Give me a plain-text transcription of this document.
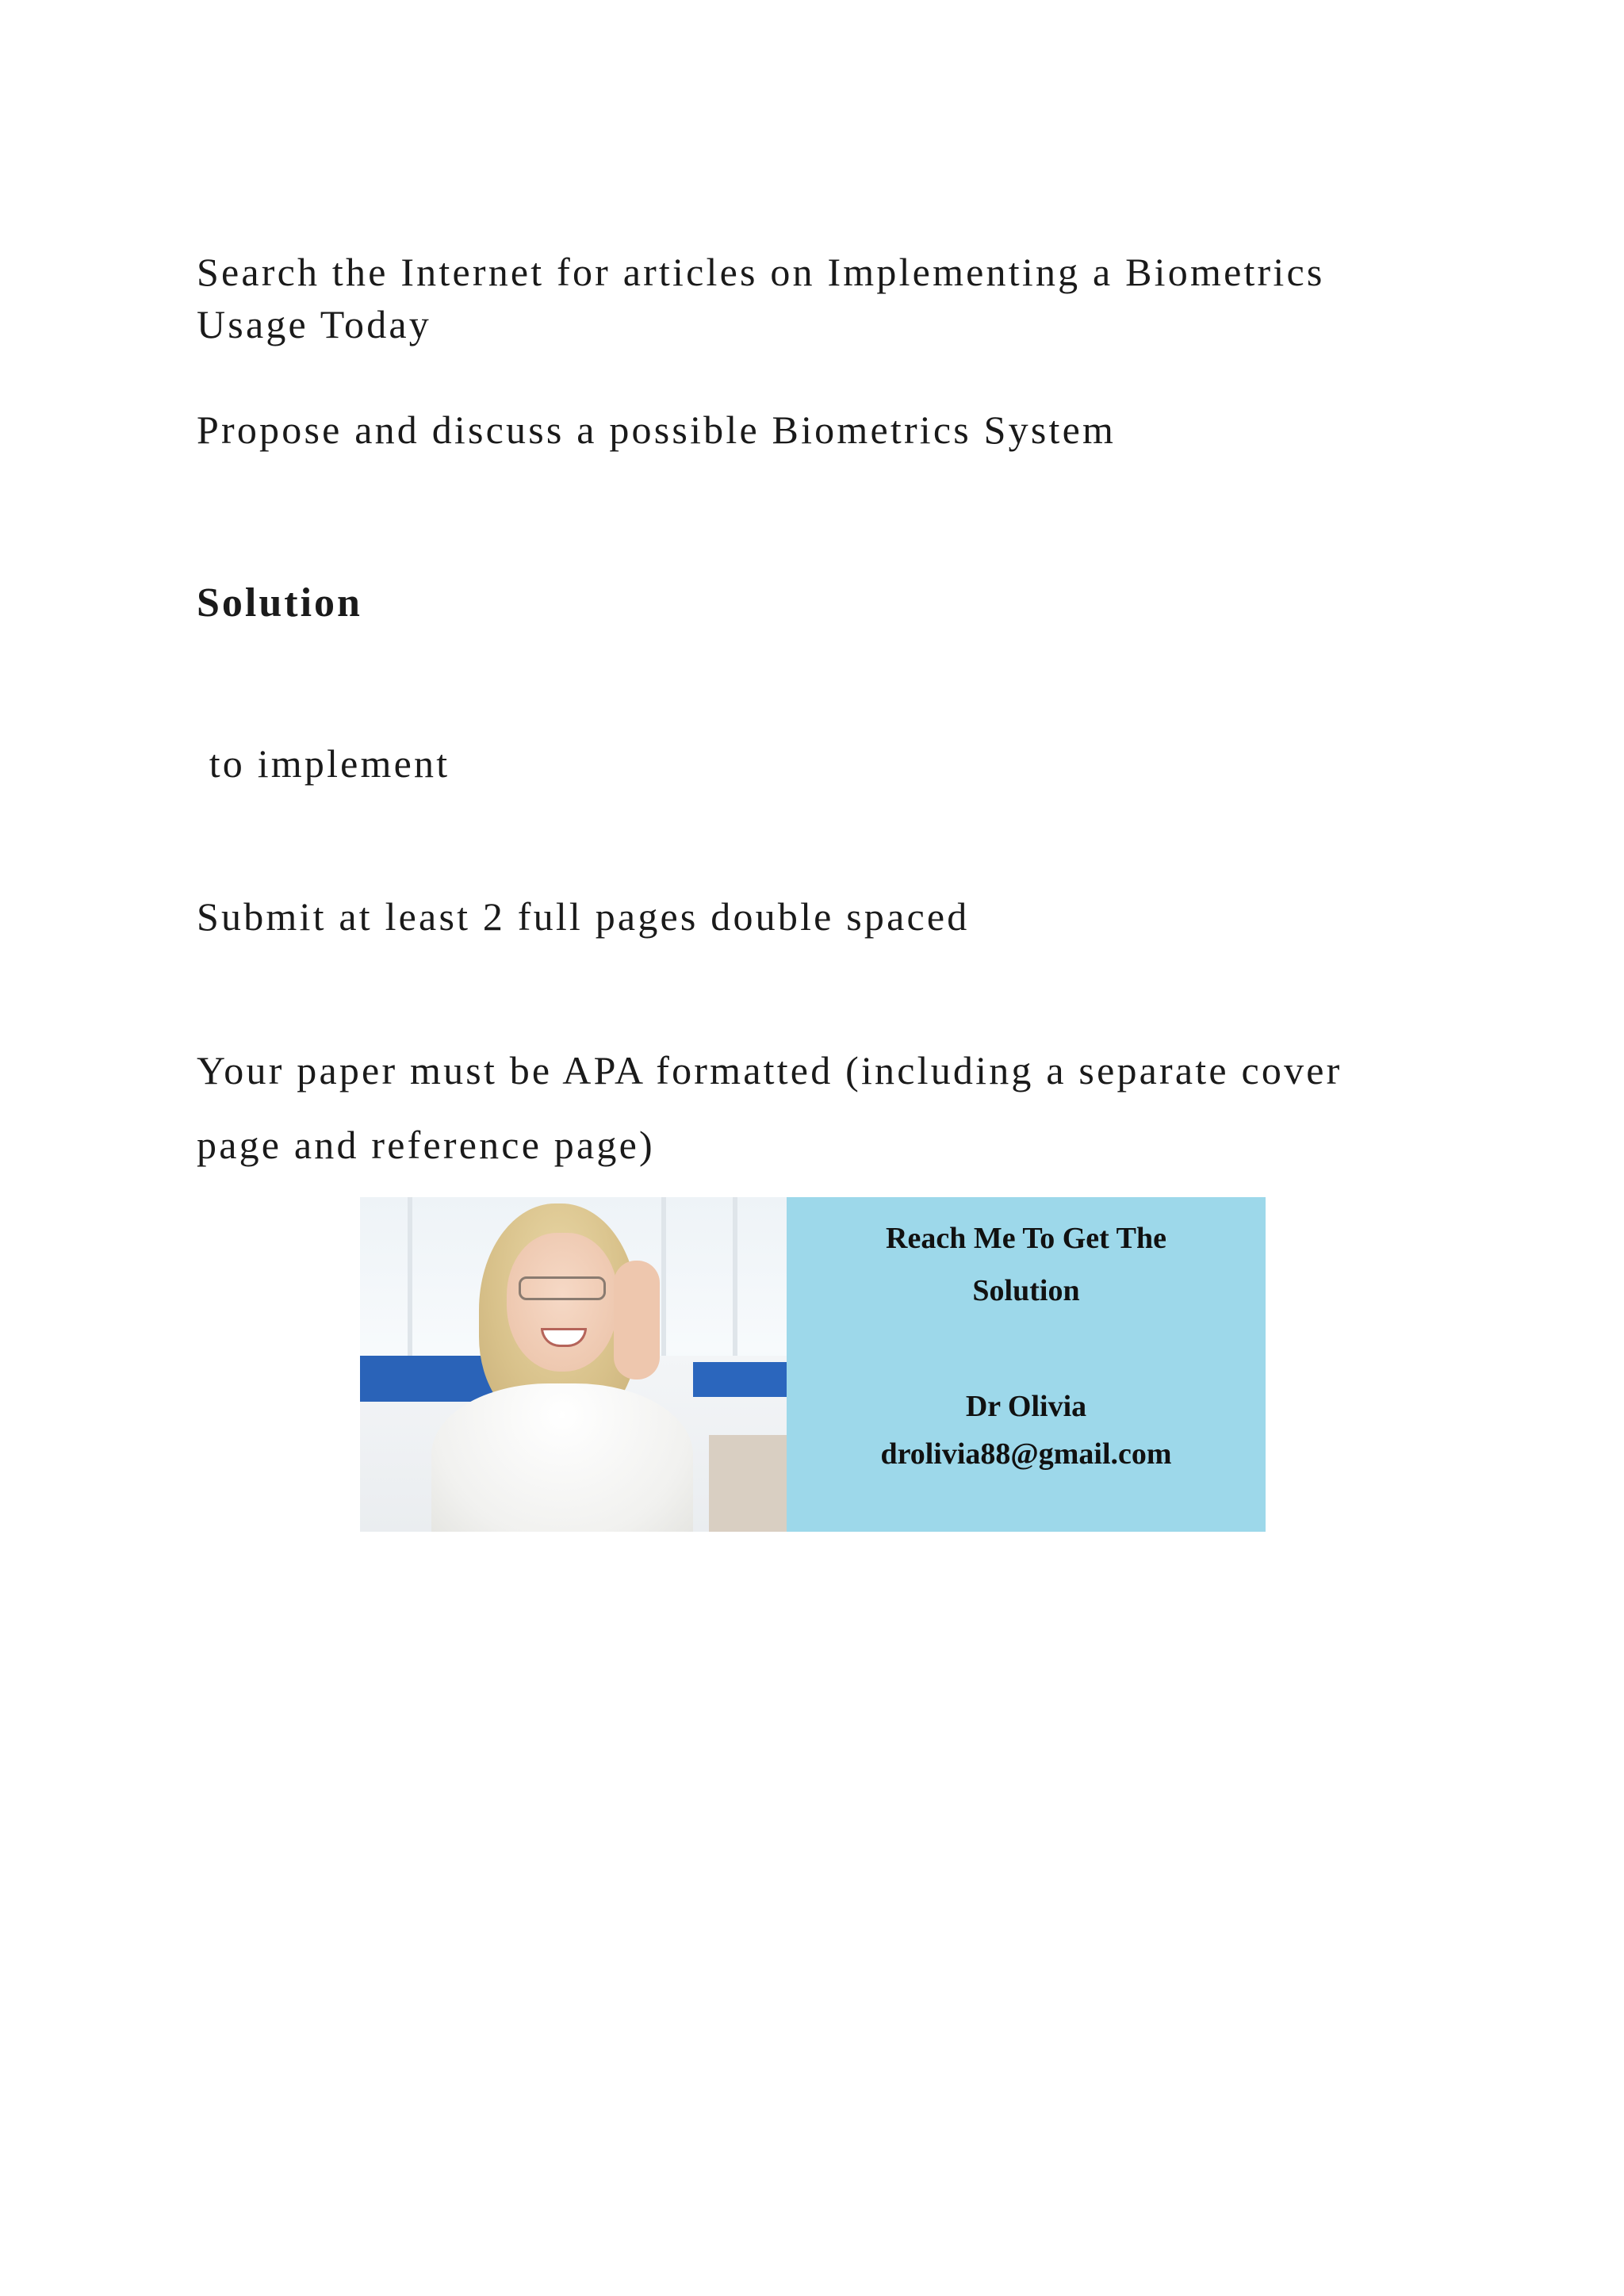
Search the Internet for articles on Implementing a Biometrics
Usage Today

Propose and discuss a possible Biometrics System

Solution

to implement

Submit at least 2 full pages double spaced

Your paper must be APA formatted (including a separate cover

page and reference page)

Reach Me To Get The
Solution
Dr Olivia
drolivia88@gmail.com
